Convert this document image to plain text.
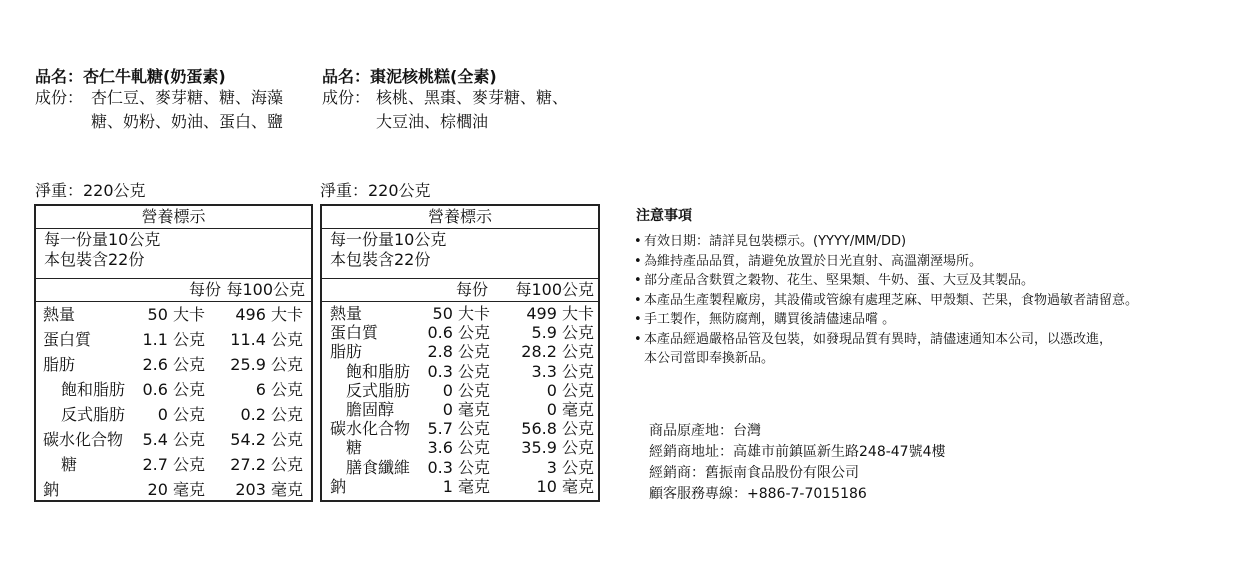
品名：杏仁牛軋糖(奶蛋素)
成份： 杏仁豆、麥芽糖、糖、海藻
糖、奶粉、奶油、蛋白、鹽
品名：棗泥核桃糕(全素)
成份： 核桃、黑棗、麥芽糖、糖、
大豆油、棕櫚油
淨重：220公克	淨重：220公克
營養標示
每一份量10公克
本包裝含22份
每份 每100公克
熱量	50 大卡 496 大卡
蛋白質	1.1 公克 11.4 公克
脂肪	2.6 公克 25.9 公克
飽和脂肪 0.6 公克	6 公克
反式脂肪 0 公克 0.2 公克
碳水化合物 5.4 公克 54.2 公克
糖	2.7 公克 27.2 公克
鈉	20 毫克 203 毫克
營養標示
每一份量10公克
本包裝含22份
每份 每100公克
熱量	50 大卡 499 大卡
蛋白質	0.6 公克	5.9 公克
脂肪	2.8 公克 28.2 公克
飽和脂肪 0.3 公克	3.3 公克
反式脂肪 0 公克	0 公克
膽固醇	0 毫克	0 毫克
碳水化合物 5.7 公克 56.8 公克
糖	3.6 公克 35.9 公克
膳食纖維 0.3 公克	3 公克
鈉	1 毫克	10 毫克
注意事項
• 有效日期：請詳見包裝標示。(YYYY/MM/DD)
• 為維持產品品質，請避免放置於日光直射、高溫潮溼場所。
• 部分產品含麩質之穀物、花生、堅果類、牛奶、蛋、大豆及其製品。
• 本產品生產製程廠房，其設備或管線有處理芝麻、甲殼類、芒果，食物過敏者請留意。
• 手工製作，無防腐劑，購買後請儘速品嚐 。
• 本產品經過嚴格品管及包裝，如發現品質有異時，請儘速通知本公司，以憑改進，
本公司當即奉換新品。
商品原產地：台灣
經銷商地址：高雄市前鎮區新生路248-47號4樓
經銷商：舊振南食品股份有限公司
顧客服務專線：+886-7-7015186
